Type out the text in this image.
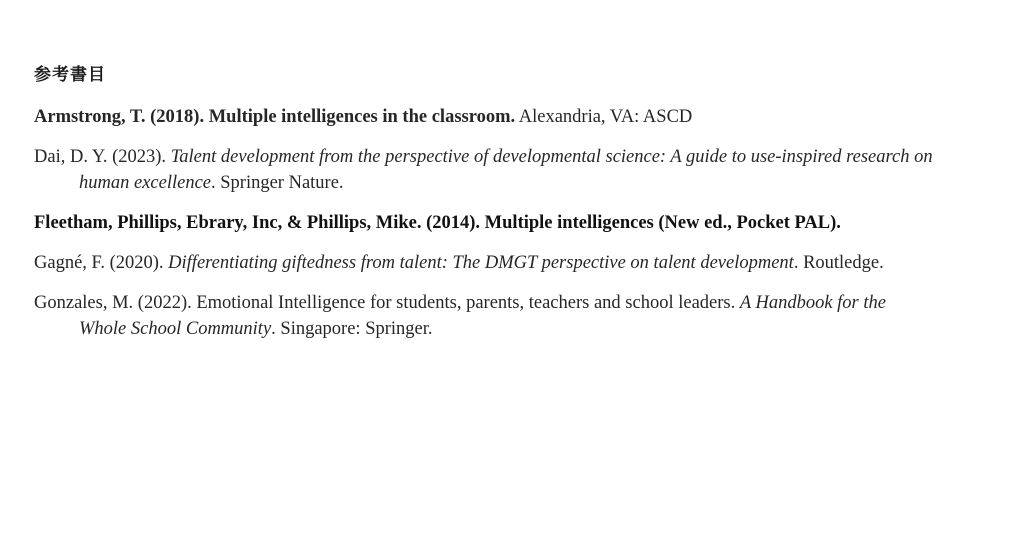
参考書目

Armstrong, T. (2018). Multiple intelligences in the classroom. Alexandria, VA: ASCD

Dai, D. Y. (2023). Talent development from the perspective of developmental science: A guide to use-inspired research on human excellence. Springer Nature.

Fleetham, Phillips, Ebrary, Inc, & Phillips, Mike. (2014). Multiple intelligences (New ed., Pocket PAL).

Gagné, F. (2020). Differentiating giftedness from talent: The DMGT perspective on talent development. Routledge.

Gonzales, M. (2022). Emotional Intelligence for students, parents, teachers and school leaders. A Handbook for the Whole School Community. Singapore: Springer.
